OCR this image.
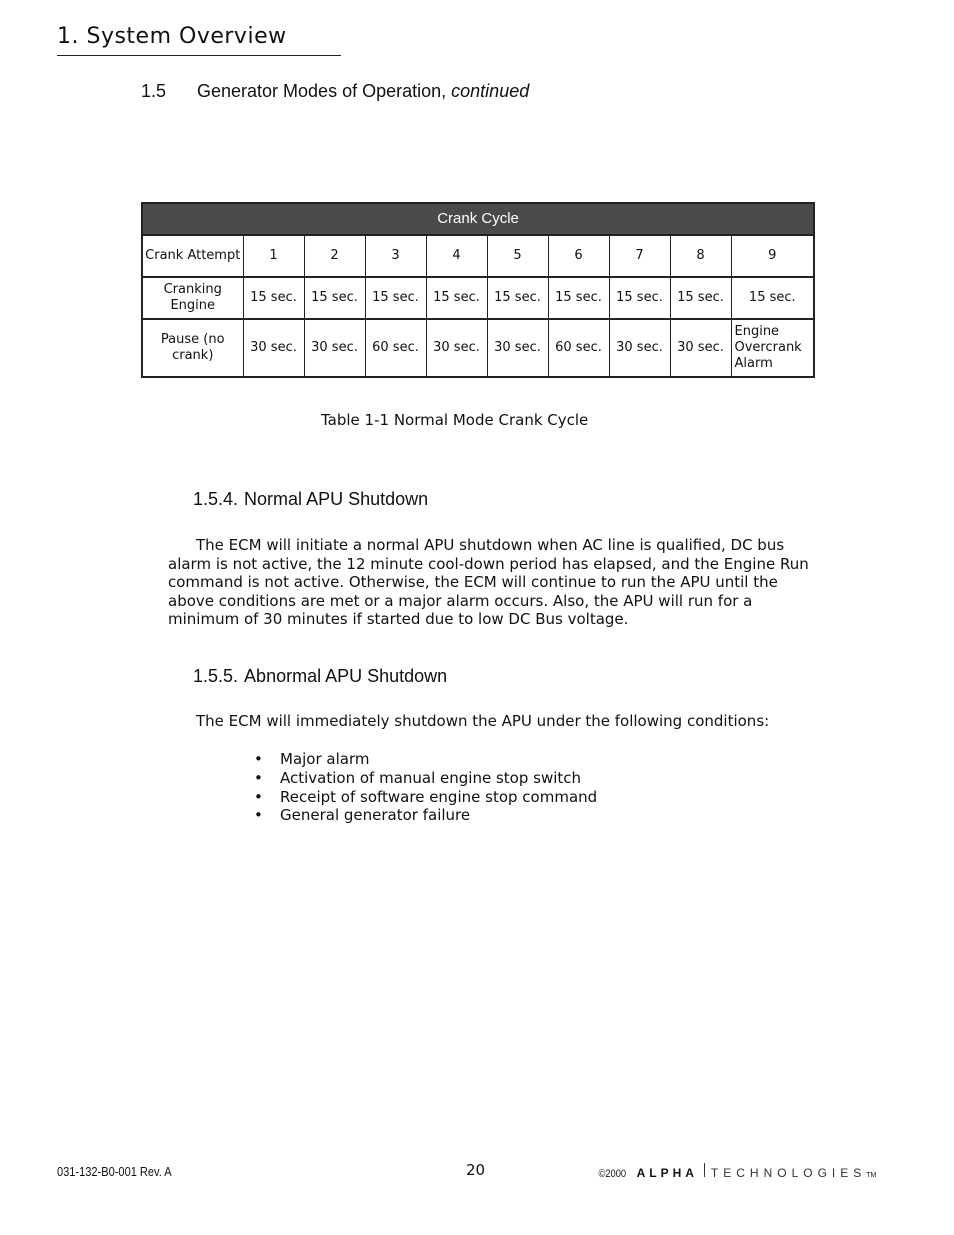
1. System Overview
1.5 Generator Modes of Operation, continued
Crank Cycle									
Crank Attempt	1	2	3	4	5	6	7	8	9
Cranking Engine	15 sec.	15 sec.	15 sec.	15 sec.	15 sec.	15 sec.	15 sec.	15 sec.	15 sec.
Pause (no crank)	30 sec.	30 sec.	60 sec.	30 sec.	30 sec.	60 sec.	30 sec.	30 sec.	Engine Overcrank Alarm
Table 1-1 Normal Mode Crank Cycle
1.5.4. Normal APU Shutdown
The ECM will initiate a normal APU shutdown when AC line is qualified, DC bus alarm is not active, the 12 minute cool-down period has elapsed, and the Engine Run command is not active. Otherwise, the ECM will continue to run the APU until the above conditions are met or a major alarm occurs. Also, the APU will run for a minimum of 30 minutes if started due to low DC Bus voltage.
1.5.5. Abnormal APU Shutdown
The ECM will immediately shutdown the APU under the following conditions:
• Major alarm
• Activation of manual engine stop switch
• Receipt of software engine stop command
• General generator failure
031-132-B0-001 Rev. A	20	©2000 ALPHA TECHNOLOGIES TM
